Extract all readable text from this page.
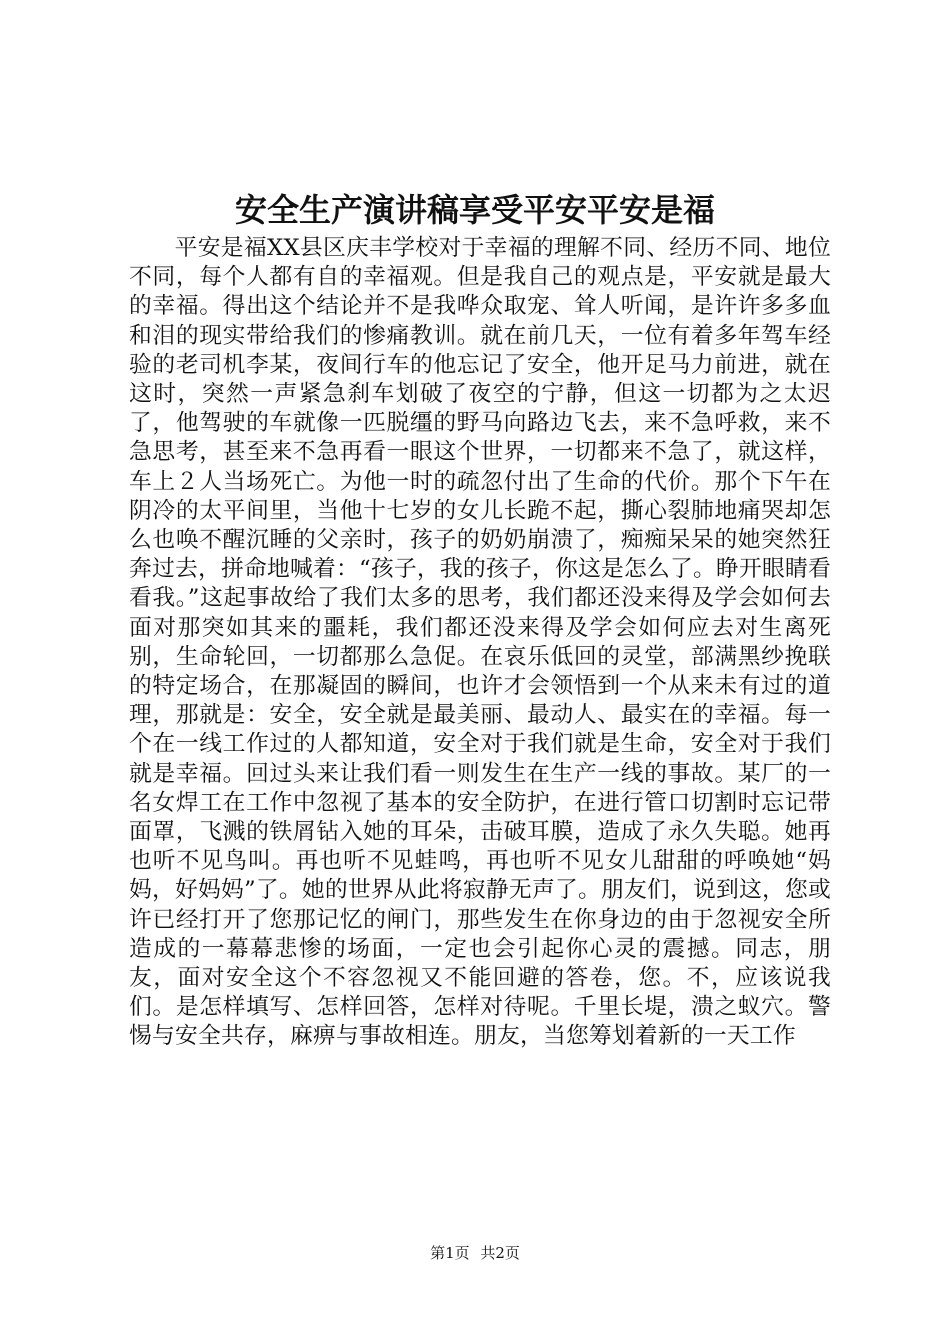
安全生产演讲稿享受平安平安是福

平安是福XX县区庆丰学校对于幸福的理解不同、经历不同、地位不同，每个人都有自的幸福观。但是我自己的观点是，平安就是最大的幸福。得出这个结论并不是我哗众取宠、耸人听闻，是许许多多血和泪的现实带给我们的惨痛教训。就在前几天，一位有着多年驾车经验的老司机李某，夜间行车的他忘记了安全，他开足马力前进，就在这时，突然一声紧急刹车划破了夜空的宁静，但这一切都为之太迟了，他驾驶的车就像一匹脱缰的野马向路边飞去，来不急呼救，来不急思考，甚至来不急再看一眼这个世界，一切都来不急了，就这样，车上２人当场死亡。为他一时的疏忽付出了生命的代价。那个下午在阴冷的太平间里，当他十七岁的女儿长跪不起，撕心裂肺地痛哭却怎么也唤不醒沉睡的父亲时，孩子的奶奶崩溃了，痴痴呆呆的她突然狂奔过去，拼命地喊着：“孩子，我的孩子，你这是怎么了。睁开眼睛看看我。”这起事故给了我们太多的思考，我们都还没来得及学会如何去面对那突如其来的噩耗，我们都还没来得及学会如何应去对生离死别，生命轮回，一切都那么急促。在哀乐低回的灵堂，部满黑纱挽联的特定场合，在那凝固的瞬间，也许才会领悟到一个从来未有过的道理，那就是：安全，安全就是最美丽、最动人、最实在的幸福。每一个在一线工作过的人都知道，安全对于我们就是生命，安全对于我们就是幸福。回过头来让我们看一则发生在生产一线的事故。某厂的一名女焊工在工作中忽视了基本的安全防护，在进行管口切割时忘记带面罩，飞溅的铁屑钻入她的耳朵，击破耳膜，造成了永久失聪。她再也听不见鸟叫。再也听不见蛙鸣，再也听不见女儿甜甜的呼唤她“妈妈，好妈妈”了。她的世界从此将寂静无声了。朋友们，说到这，您或许已经打开了您那记忆的闸门，那些发生在你身边的由于忽视安全所造成的一幕幕悲惨的场面，一定也会引起你心灵的震撼。同志，朋友，面对安全这个不容忽视又不能回避的答卷，您。不，应该说我们。是怎样填写、怎样回答，怎样对待呢。千里长堤，溃之蚁穴。警惕与安全共存，麻痹与事故相连。朋友，当您筹划着新的一天工作

第1页 共2页
